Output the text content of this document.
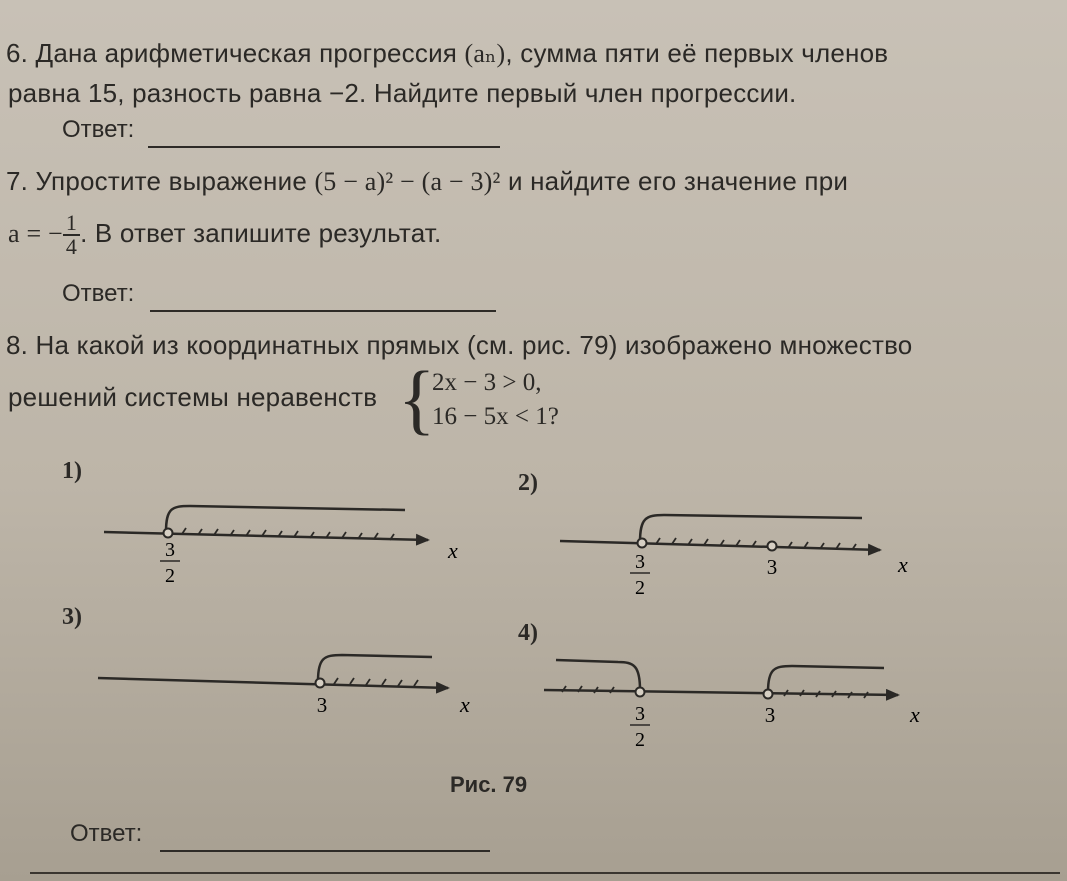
6. Дана арифметическая прогрессия (aₙ), сумма пяти её первых членов
равна 15, разность равна −2. Найдите первый член прогрессии.
Ответ:
7. Упростите выражение (5 − a)² − (a − 3)² и найдите его значение при
a = − $\frac{1}{4}$ . В ответ запишите результат.
Ответ:
8. На какой из координатных прямых (см. рис. 79) изображено множество
решений системы неравенств {
2x − 3 > 0,
16 − 5x < 1?
1)	2)
3)
4)
3
2
x	3
2
3	x
3	x	3
2
3	x
Рис. 79
Ответ:
